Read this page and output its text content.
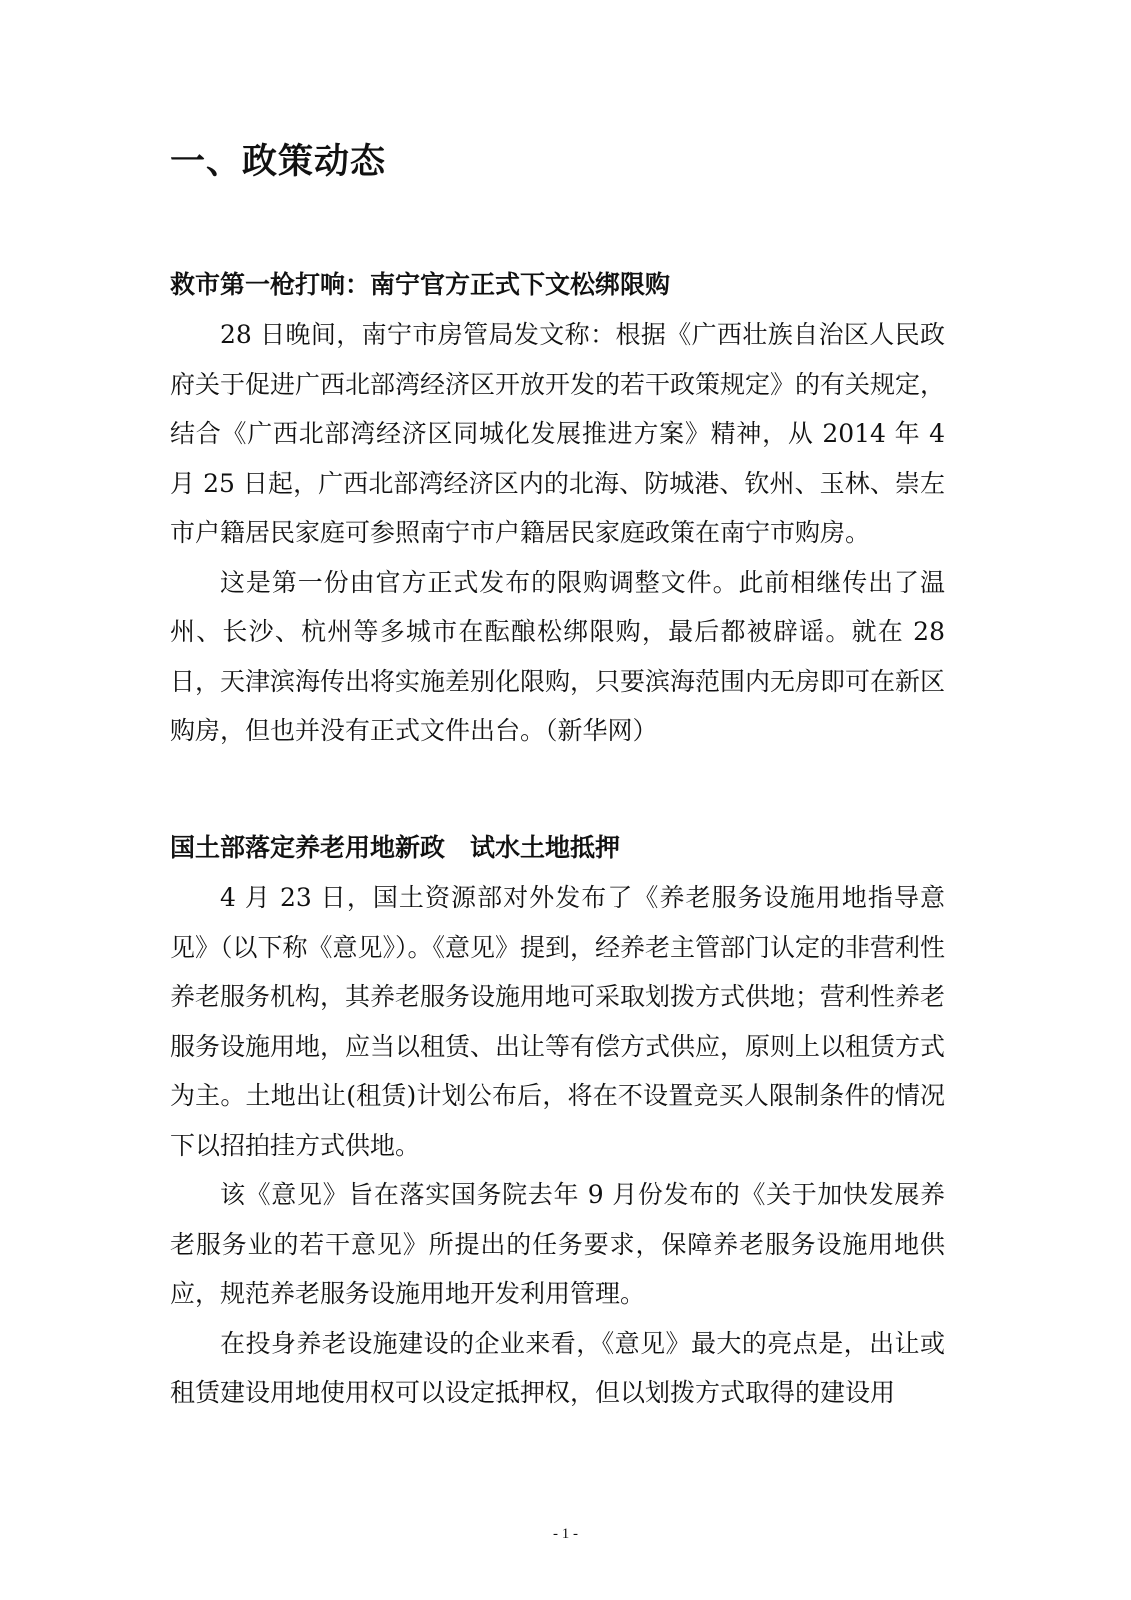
一、政策动态
救市第一枪打响：南宁官方正式下文松绑限购

28 日晚间，南宁市房管局发文称：根据《广西壮族自治区人民政府关于促进广西北部湾经济区开放开发的若干政策规定》的有关规定，结合《广西北部湾经济区同城化发展推进方案》精神，从 2014 年 4 月 25 日起，广西北部湾经济区内的北海、防城港、钦州、玉林、崇左市户籍居民家庭可参照南宁市户籍居民家庭政策在南宁市购房。

这是第一份由官方正式发布的限购调整文件。此前相继传出了温州、长沙、杭州等多城市在酝酿松绑限购，最后都被辟谣。就在 28 日，天津滨海传出将实施差别化限购，只要滨海范围内无房即可在新区购房，但也并没有正式文件出台。（新华网）

国土部落定养老用地新政　试水土地抵押

4 月 23 日，国土资源部对外发布了《养老服务设施用地指导意见》（以下称《意见》）。《意见》提到，经养老主管部门认定的非营利性养老服务机构，其养老服务设施用地可采取划拨方式供地；营利性养老服务设施用地，应当以租赁、出让等有偿方式供应，原则上以租赁方式为主。土地出让(租赁)计划公布后，将在不设置竞买人限制条件的情况下以招拍挂方式供地。

该《意见》旨在落实国务院去年 9 月份发布的《关于加快发展养老服务业的若干意见》所提出的任务要求，保障养老服务设施用地供应，规范养老服务设施用地开发利用管理。

在投身养老设施建设的企业来看，《意见》最大的亮点是，出让或租赁建设用地使用权可以设定抵押权，但以划拨方式取得的建设用

- 1 -
